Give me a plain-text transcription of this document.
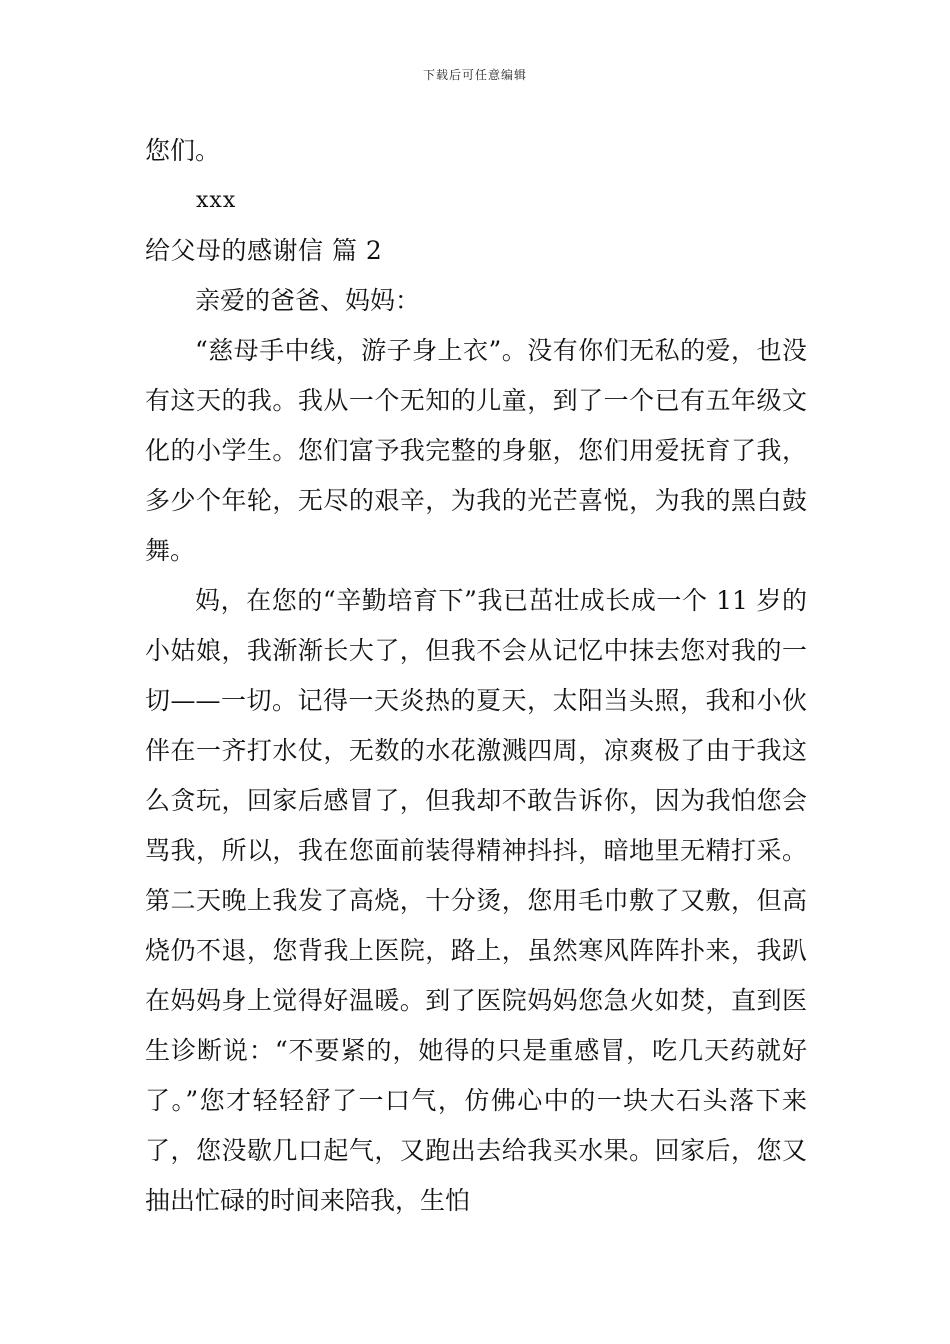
下载后可任意编辑

您们。

xxx

给父母的感谢信 篇 2

亲爱的爸爸、妈妈：

“慈母手中线，游子身上衣”。没有你们无私的爱，也没有这天的我。我从一个无知的儿童，到了一个已有五年级文化的小学生。您们富予我完整的身躯，您们用爱抚育了我，多少个年轮，无尽的艰辛，为我的光芒喜悦，为我的黑白鼓舞。

妈，在您的“辛勤培育下”我已茁壮成长成一个 11 岁的小姑娘，我渐渐长大了，但我不会从记忆中抹去您对我的一切——一切。记得一天炎热的夏天，太阳当头照，我和小伙伴在一齐打水仗，无数的水花激溅四周，凉爽极了由于我这么贪玩，回家后感冒了，但我却不敢告诉你，因为我怕您会骂我，所以，我在您面前装得精神抖抖，暗地里无精打采。第二天晚上我发了高烧，十分烫，您用毛巾敷了又敷，但高烧仍不退，您背我上医院，路上，虽然寒风阵阵扑来，我趴在妈妈身上觉得好温暖。到了医院妈妈您急火如焚，直到医生诊断说：“不要紧的，她得的只是重感冒，吃几天药就好了。”您才轻轻舒了一口气，仿佛心中的一块大石头落下来了，您没歇几口起气，又跑出去给我买水果。回家后，您又抽出忙碌的时间来陪我，生怕
